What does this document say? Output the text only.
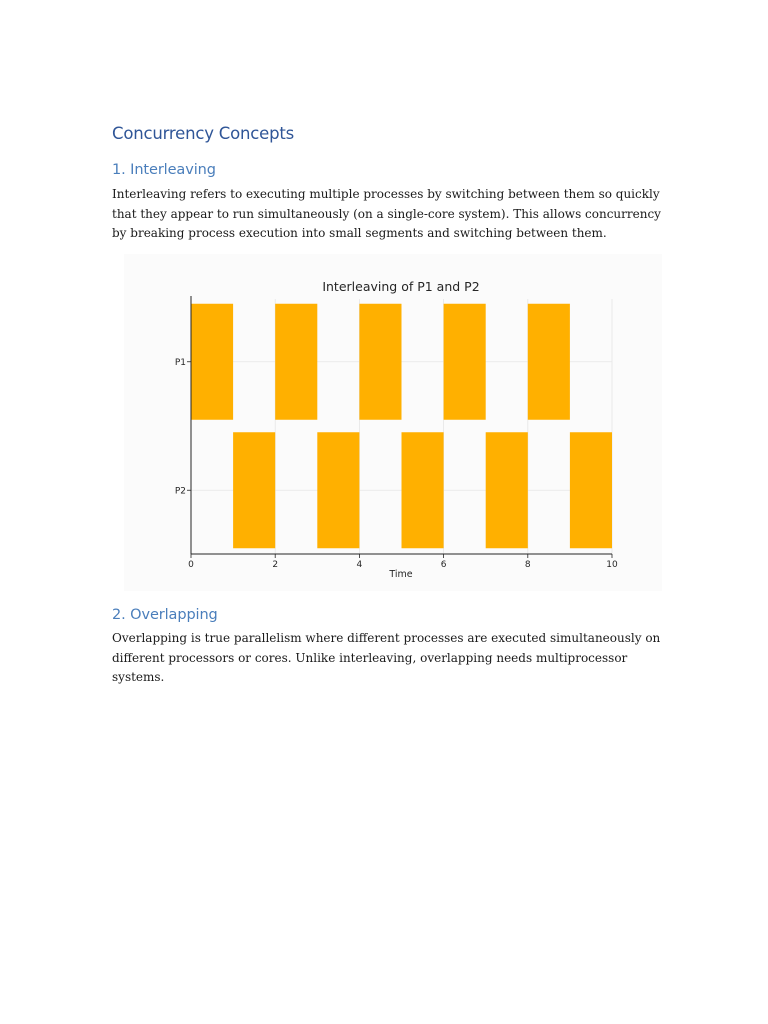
Concurrency Concepts
1. Interleaving

Interleaving refers to executing multiple processes by switching between them so quickly
that they appear to run simultaneously (on a single-core system). This allows concurrency
by breaking process execution into small segments and switching between them.

Interleaving of P1 and P2
0	2	4	6	8	10
P1
P2
Time
2. Overlapping

Overlapping is true parallelism where different processes are executed simultaneously on
different processors or cores. Unlike interleaving, overlapping needs multiprocessor
systems.
